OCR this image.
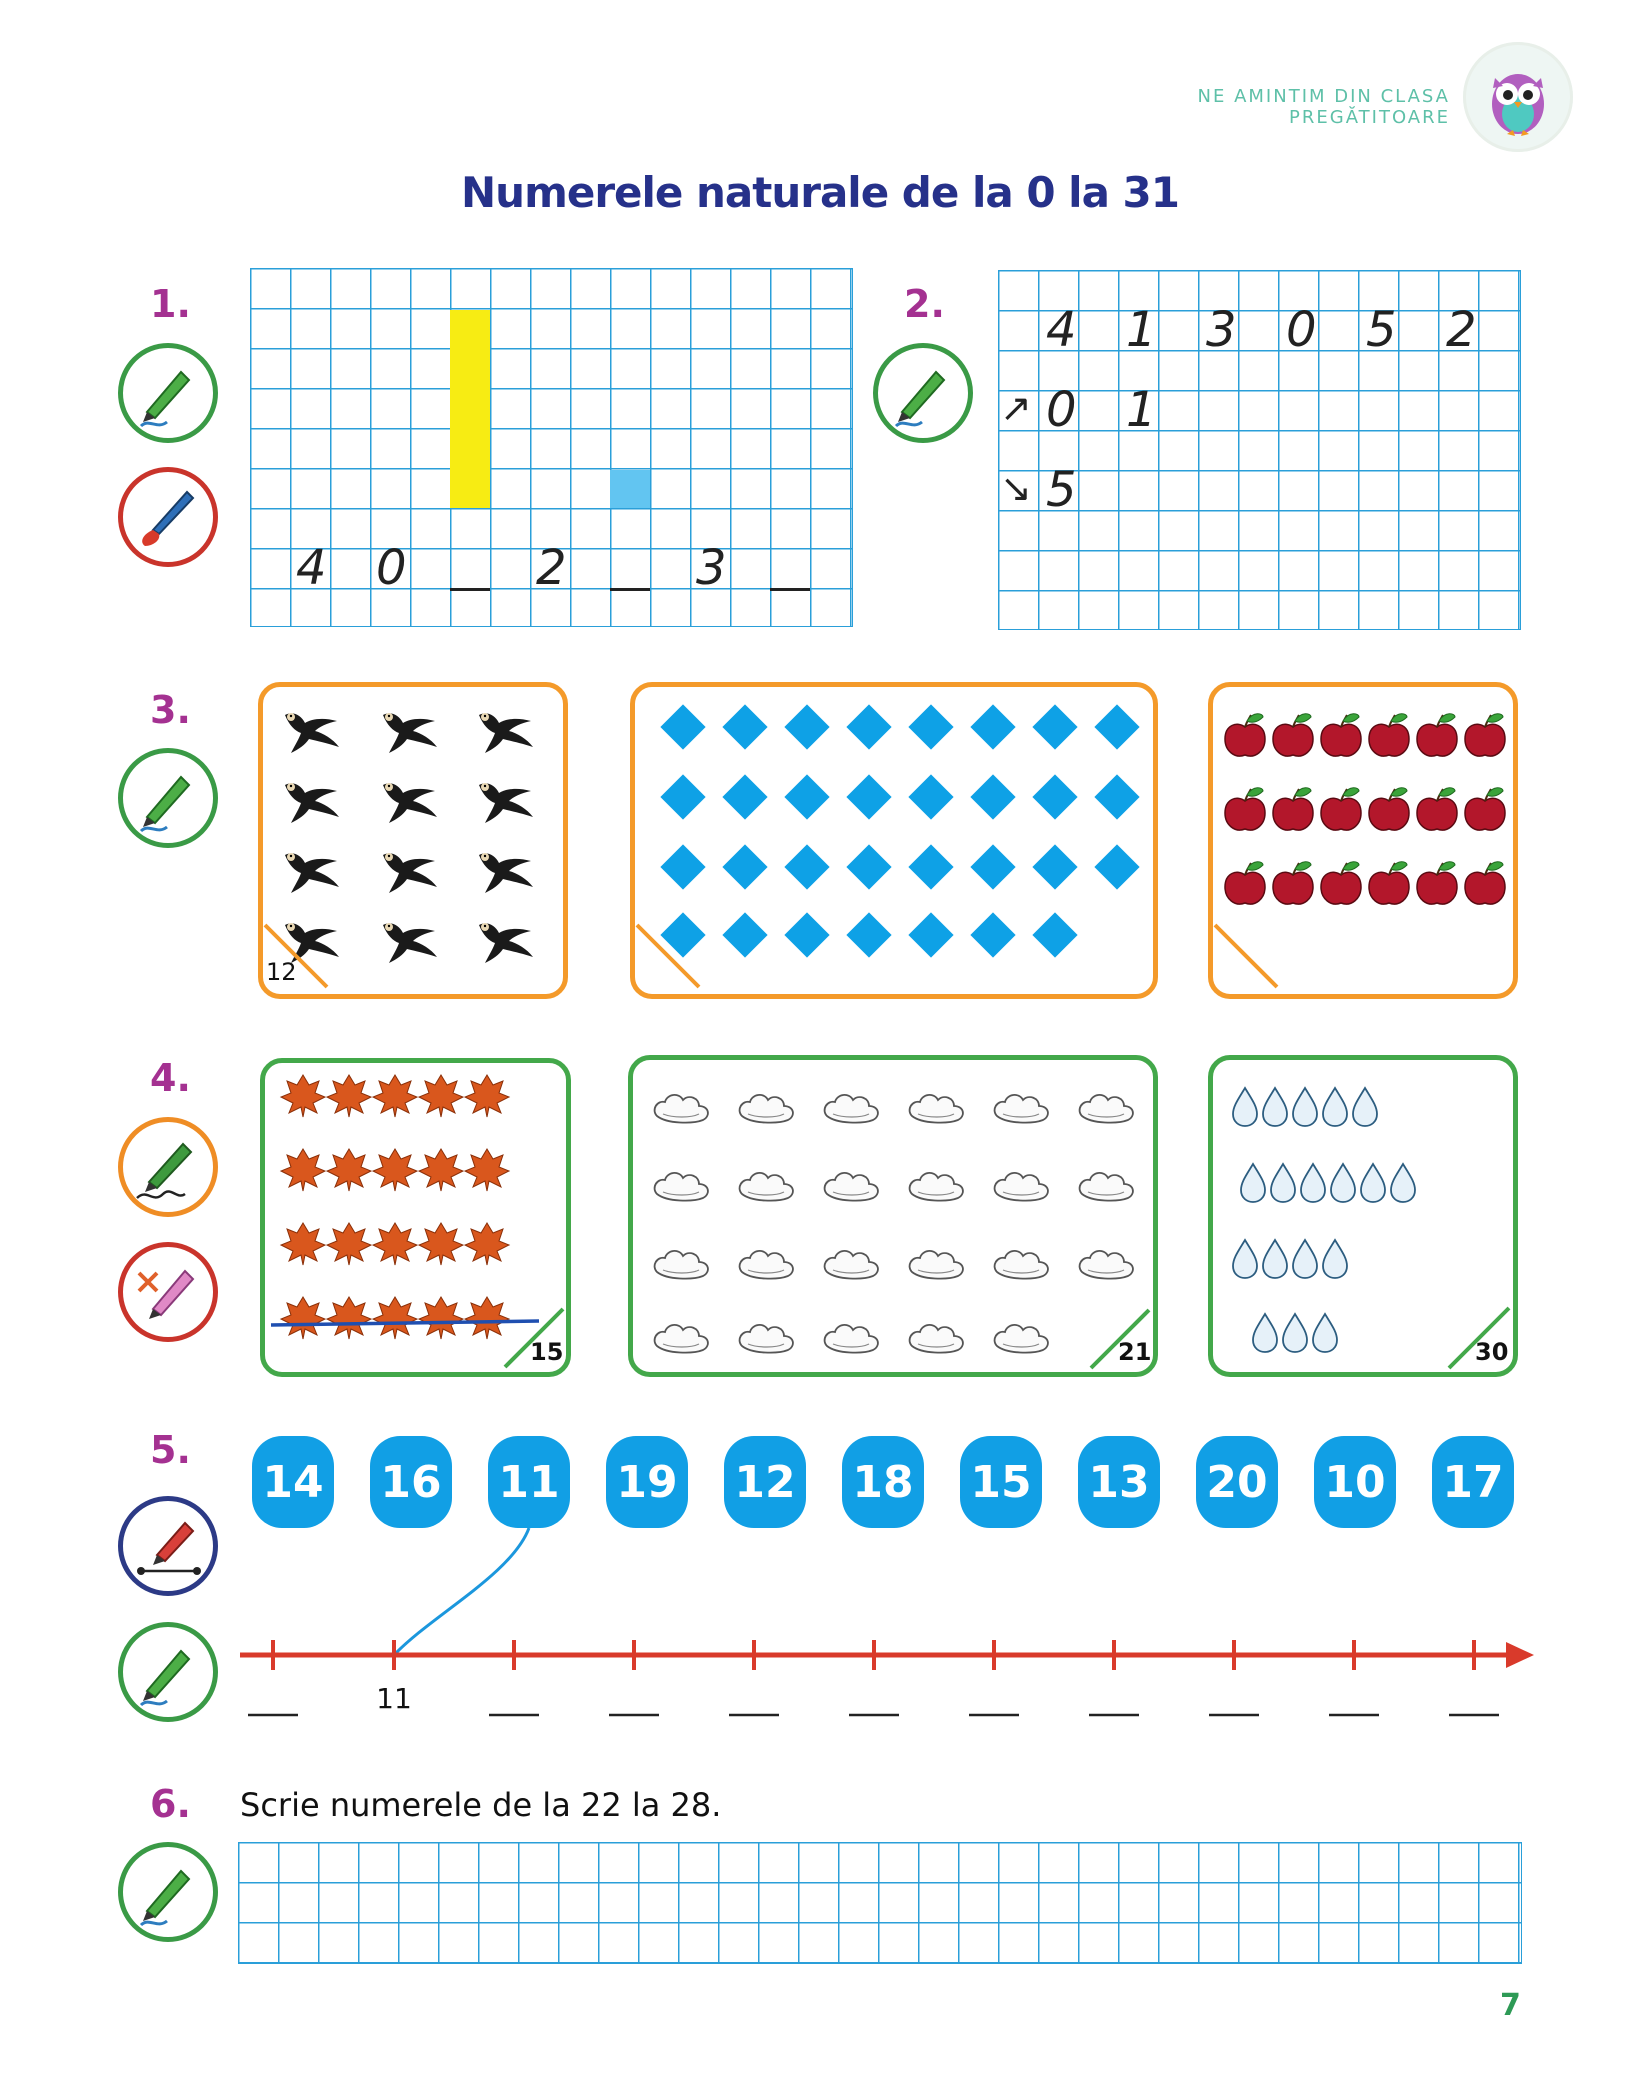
NE AMINTIM DIN CLASA PREGĂTITOARE
Numerele naturale de la 0 la 31
1.
4 0	2	3
2. 4 1 3 0 5 2
↗ 0 1
↘ 5
3.
12
4.
15	21	30
5.
14 16 11 19 12 18 15 13 20 10 17
11
6. Scrie numerele de la 22 la 28.
7
